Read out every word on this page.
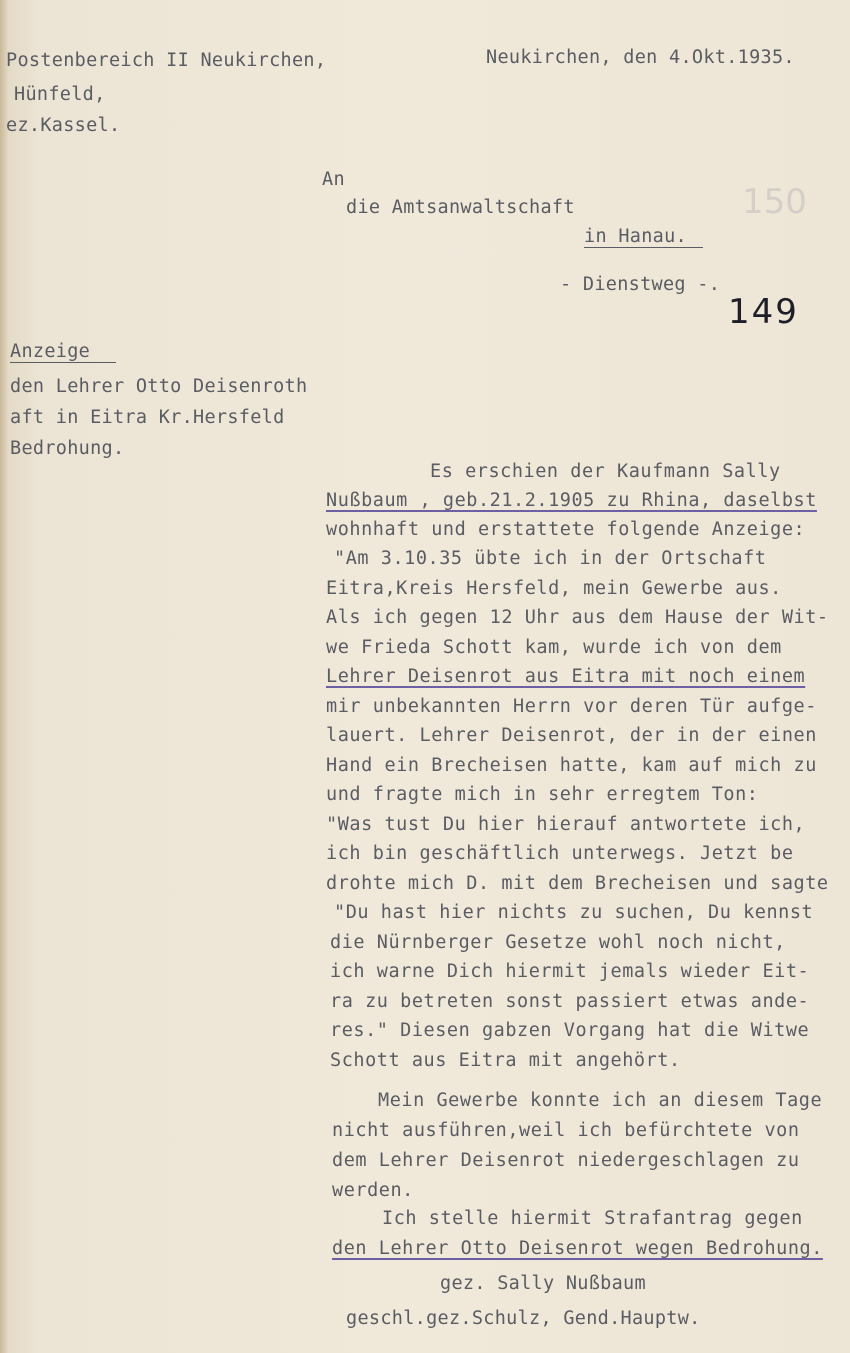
150
Postenbereich II Neukirchen,
Hünfeld,
ez.Kassel.
Neukirchen, den 4.Okt.1935.
An
die Amtsanwaltschaft
in Hanau.
- Dienstweg -.
149
Anzeige
den Lehrer Otto Deisenroth
aft in Eitra Kr.Hersfeld
Bedrohung.
Es erschien der Kaufmann Sally
Nußbaum , geb.21.2.1905 zu Rhina, daselbst
wohnhaft und erstattete folgende Anzeige:
"Am 3.10.35 übte ich in der Ortschaft
Eitra,Kreis Hersfeld, mein Gewerbe aus.
Als ich gegen 12 Uhr aus dem Hause der Wit-
we Frieda Schott kam, wurde ich von dem
Lehrer Deisenrot aus Eitra mit noch einem
mir unbekannten Herrn vor deren Tür aufge-
lauert. Lehrer Deisenrot, der in der einen
Hand ein Brecheisen hatte, kam auf mich zu
und fragte mich in sehr erregtem Ton:
"Was tust Du hier hierauf antwortete ich,
ich bin geschäftlich unterwegs. Jetzt be
drohte mich D. mit dem Brecheisen und sagte
"Du hast hier nichts zu suchen, Du kennst
die Nürnberger Gesetze wohl noch nicht,
ich warne Dich hiermit jemals wieder Eit-
ra zu betreten sonst passiert etwas ande-
res." Diesen gabzen Vorgang hat die Witwe
Schott aus Eitra mit angehört.
Mein Gewerbe konnte ich an diesem Tage
nicht ausführen,weil ich befürchtete von
dem Lehrer Deisenrot niedergeschlagen zu
werden.
Ich stelle hiermit Strafantrag gegen
den Lehrer Otto Deisenrot wegen Bedrohung.
gez. Sally Nußbaum
geschl.gez.Schulz, Gend.Hauptw.
